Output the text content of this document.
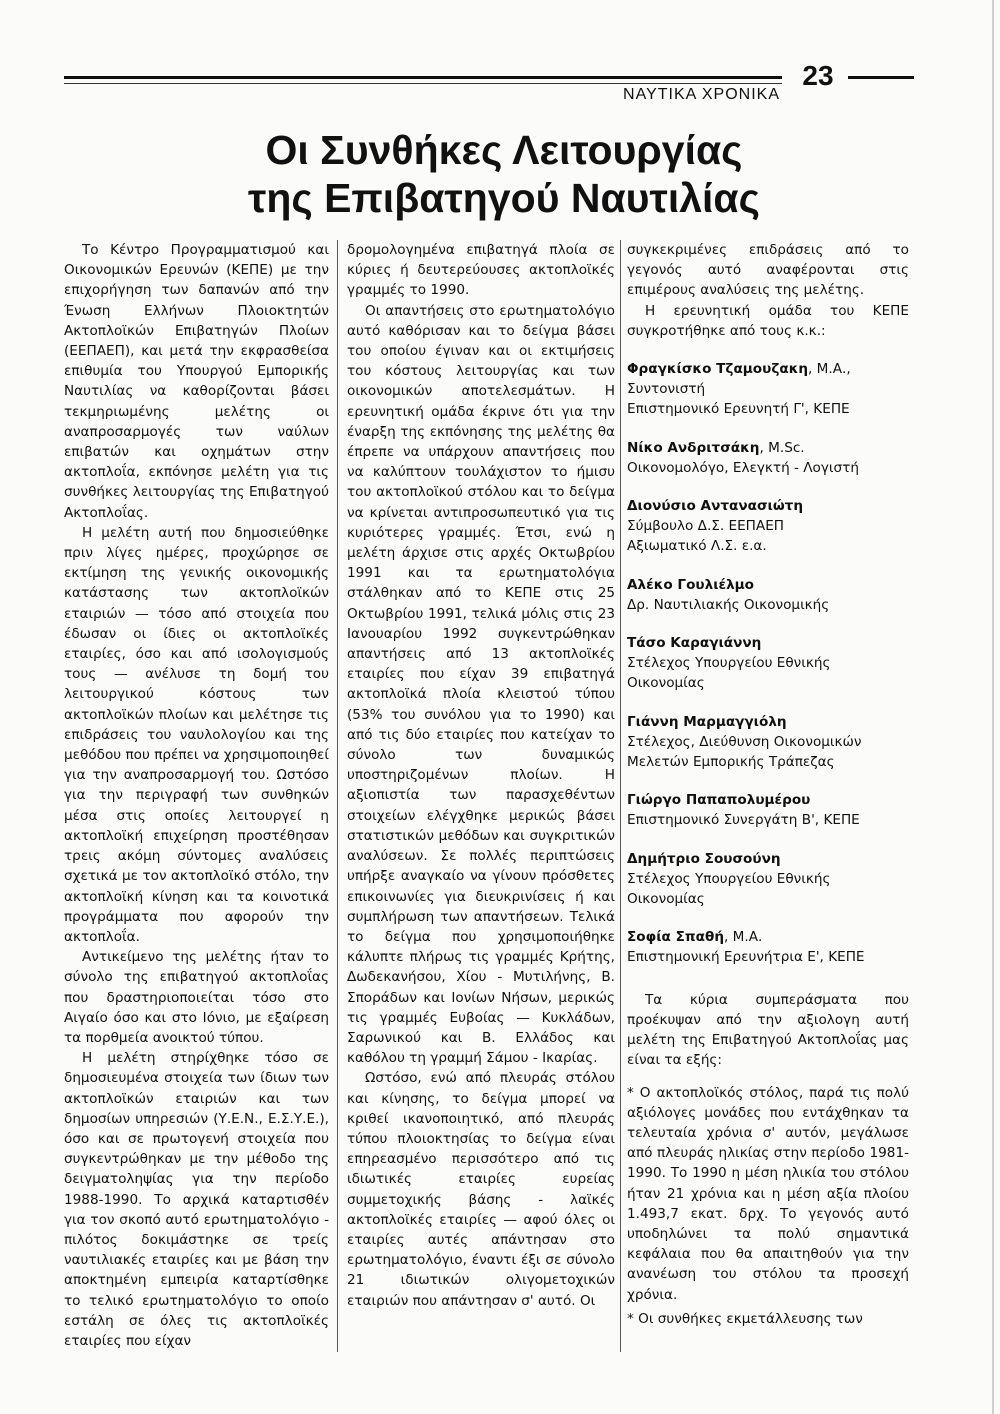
23
ΝΑΥΤΙΚΑ ΧΡΟΝΙΚΑ
Οι Συνθήκες Λειτουργίας
της Επιβατηγού Ναυτιλίας

Το Κέντρο Προγραμματισμού και Οικονομικών Ερευνών (ΚΕΠΕ) με την επιχορήγηση των δαπανών από την Ένωση Ελλήνων Πλοιοκτητών Ακτοπλοϊκών Επιβατηγών Πλοίων (ΕΕΠΑΕΠ), και μετά την εκφρασθείσα επιθυμία του Υπουργού Εμπορικής Ναυτιλίας να καθορίζονται βάσει τεκμηριωμένης μελέτης οι αναπροσαρμογές των ναύλων επιβατών και οχημάτων στην ακτοπλοΐα, εκπόνησε μελέτη για τις συνθήκες λειτουργίας της Επιβατηγού Ακτοπλοΐας.

Η μελέτη αυτή που δημοσιεύθηκε πριν λίγες ημέρες, προχώρησε σε εκτίμηση της γενικής οικονομικής κατάστασης των ακτοπλοϊκών εταιριών — τόσο από στοιχεία που έδωσαν οι ίδιες οι ακτοπλοϊκές εταιρίες, όσο και από ισολογισμούς τους — ανέλυσε τη δομή του λειτουργικού κόστους των ακτοπλοϊκών πλοίων και μελέτησε τις επιδράσεις του ναυλολογίου και της μεθόδου που πρέπει να χρησιμοποιηθεί για την αναπροσαρμογή του. Ωστόσο για την περιγραφή των συνθηκών μέσα στις οποίες λειτουργεί η ακτοπλοϊκή επιχείρηση προστέθησαν τρεις ακόμη σύντομες αναλύσεις σχετικά με τον ακτοπλοϊκό στόλο, την ακτοπλοϊκή κίνηση και τα κοινοτικά προγράμματα που αφορούν την ακτοπλοΐα.

Αντικείμενο της μελέτης ήταν το σύνολο της επιβατηγού ακτοπλοΐας που δραστηριοποιείται τόσο στο Αιγαίο όσο και στο Ιόνιο, με εξαίρεση τα πορθμεία ανοικτού τύπου.

Η μελέτη στηρίχθηκε τόσο σε δημοσιευμένα στοιχεία των ίδιων των ακτοπλοϊκών εταιριών και των δημοσίων υπηρεσιών (Υ.Ε.Ν., Ε.Σ.Υ.Ε.), όσο και σε πρωτογενή στοιχεία που συγκεντρώθηκαν με την μέθοδο της δειγματοληψίας για την περίοδο 1988-1990. Το αρχικά καταρτισθέν για τον σκοπό αυτό ερωτηματολόγιο - πιλότος δοκιμάστηκε σε τρείς ναυτιλιακές εταιρίες και με βάση την αποκτημένη εμπειρία καταρτίσθηκε το τελικό ερωτηματολόγιο το οποίο εστάλη σε όλες τις ακτοπλοϊκές εταιρίες που είχαν

δρομολογημένα επιβατηγά πλοία σε κύριες ή δευτερεύουσες ακτοπλοϊκές γραμμές το 1990.

Οι απαντήσεις στο ερωτηματολόγιο αυτό καθόρισαν και το δείγμα βάσει του οποίου έγιναν και οι εκτιμήσεις του κόστους λειτουργίας και των οικονομικών αποτελεσμάτων. Η ερευνητική ομάδα έκρινε ότι για την έναρξη της εκπόνησης της μελέτης θα έπρεπε να υπάρχουν απαντήσεις που να καλύπτουν τουλάχιστον το ήμισυ του ακτοπλοϊκού στόλου και το δείγμα να κρίνεται αντιπροσωπευτικό για τις κυριότερες γραμμές. Έτσι, ενώ η μελέτη άρχισε στις αρχές Οκτωβρίου 1991 και τα ερωτηματολόγια στάλθηκαν από το ΚΕΠΕ στις 25 Οκτωβρίου 1991, τελικά μόλις στις 23 Ιανουαρίου 1992 συγκεντρώθηκαν απαντήσεις από 13 ακτοπλοϊκές εταιρίες που είχαν 39 επιβατηγά ακτοπλοϊκά πλοία κλειστού τύπου (53% του συνόλου για το 1990) και από τις δύο εταιρίες που κατείχαν το σύνολο των δυναμικώς υποστηριζομένων πλοίων. Η αξιοπιστία των παρασχεθέντων στοιχείων ελέγχθηκε μερικώς βάσει στατιστικών μεθόδων και συγκριτικών αναλύσεων. Σε πολλές περιπτώσεις υπήρξε αναγκαίο να γίνουν πρόσθετες επικοινωνίες για διευκρινίσεις ή και συμπλήρωση των απαντήσεων. Τελικά το δείγμα που χρησιμοποιήθηκε κάλυπτε πλήρως τις γραμμές Κρήτης, Δωδεκανήσου, Χίου - Μυτιλήνης, Β. Σποράδων και Ιονίων Νήσων, μερικώς τις γραμμές Ευβοίας — Κυκλάδων, Σαρωνικού και Β. Ελλάδος και καθόλου τη γραμμή Σάμου - Ικαρίας.

Ωστόσο, ενώ από πλευράς στόλου και κίνησης, το δείγμα μπορεί να κριθεί ικανοποιητικό, από πλευράς τύπου πλοιοκτησίας το δείγμα είναι επηρεασμένο περισσότερο από τις ιδιωτικές εταιρίες ευρείας συμμετοχικής βάσης - λαϊκές ακτοπλοϊκές εταιρίες — αφού όλες οι εταιρίες αυτές απάντησαν στο ερωτηματολόγιο, έναντι έξι σε σύνολο 21 ιδιωτικών ολιγομετοχικών εταιριών που απάντησαν σ' αυτό. Οι

συγκεκριμένες επιδράσεις από το γεγονός αυτό αναφέρονται στις επιμέρους αναλύσεις της μελέτης.

Η ερευνητική ομάδα του ΚΕΠΕ συγκροτήθηκε από τους κ.κ.:

Φραγκίσκο Τζαμουζακη, Μ.Α.,
Συντονιστή
Επιστημονικό Ερευνητή Γ', ΚΕΠΕ
Νίκο Ανδριτσάκη, M.Sc.
Οικονομολόγο, Ελεγκτή - Λογιστή
Διονύσιο Αντανασιώτη
Σύμβουλο Δ.Σ. ΕΕΠΑΕΠ
Αξιωματικό Λ.Σ. ε.α.
Αλέκο Γουλιέλμο
Δρ. Ναυτιλιακής Οικονομικής
Τάσο Καραγιάννη
Στέλεχος Υπουργείου Εθνικής Οικονομίας
Γιάννη Μαρμαγγιόλη
Στέλεχος, Διεύθυνση Οικονομικών Μελετών Εμπορικής Τράπεζας
Γιώργο Παπαπολυμέρου
Επιστημονικό Συνεργάτη Β', ΚΕΠΕ
Δημήτριο Σουσούνη
Στέλεχος Υπουργείου Εθνικής Οικονομίας
Σοφία Σπαθή, Μ.Α.
Επιστημονική Ερευνήτρια Ε', ΚΕΠΕ

Τα κύρια συμπεράσματα που προέκυψαν από την αξιολογη αυτή μελέτη της Επιβατηγού Ακτοπλοΐας μας είναι τα εξής:

* Ο ακτοπλοϊκός στόλος, παρά τις πολύ αξιόλογες μονάδες που εντάχθηκαν τα τελευταία χρόνια σ' αυτόν, μεγάλωσε από πλευράς ηλικίας στην περίοδο 1981-1990. Το 1990 η μέση ηλικία του στόλου ήταν 21 χρόνια και η μέση αξία πλοίου 1.493,7 εκατ. δρχ. Το γεγονός αυτό υποδηλώνει τα πολύ σημαντικά κεφάλαια που θα απαιτηθούν για την ανανέωση του στόλου τα προσεχή χρόνια.

* Οι συνθήκες εκμετάλλευσης των
